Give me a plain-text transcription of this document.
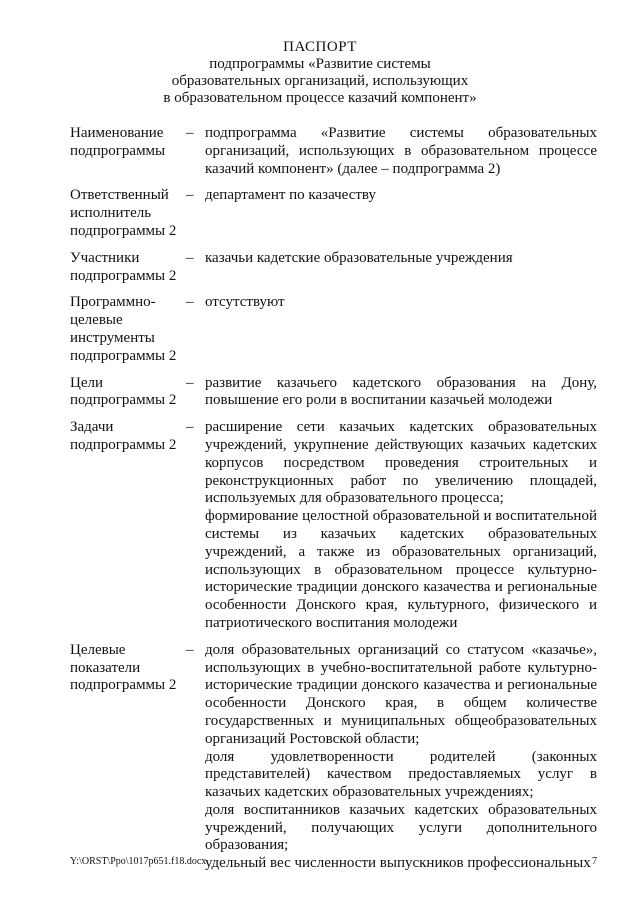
ПАСПОРТ
подпрограммы «Развитие системы
образовательных организаций, использующих
в образовательном процессе казачий компонент»
Наименование
подпрограммы
– подпрограмма «Развитие системы образовательных организаций, использующих в образовательном процессе казачий компонент» (далее – подпрограмма 2)

Ответственный
исполнитель
подпрограммы 2
– департамент по казачеству

Участники
подпрограммы 2
– казачьи кадетские образовательные учреждения

Программно-
целевые
инструменты
подпрограммы 2
– отсутствуют

Цели
подпрограммы 2
– развитие казачьего кадетского образования на Дону, повышение его роли в воспитании казачьей молодежи

Задачи
подпрограммы 2
– расширение сети казачьих кадетских образовательных учреждений, укрупнение действующих казачьих кадетских корпусов посредством проведения строительных и реконструкционных работ по увеличению площадей, используемых для образовательного процесса;

формирование целостной образовательной и воспитательной системы из казачьих кадетских образовательных учреждений, а также из образовательных организаций, использующих в образовательном процессе культурно-исторические традиции донского казачества и региональные особенности Донского края, культурного, физического и патриотического воспитания молодежи

Целевые
показатели
подпрограммы 2
– доля образовательных организаций со статусом «казачье», использующих в учебно-воспитательной работе культурно-исторические традиции донского казачества и региональные особенности Донского края, в общем количестве государственных и муниципальных общеобразовательных организаций Ростовской области;

доля удовлетворенности родителей (законных представителей) качеством предоставляемых услуг в казачьих кадетских образовательных учреждениях;

доля воспитанников казачьих кадетских образовательных учреждений, получающих услуги дополнительного образования;

удельный вес численности выпускников профессиональных

Y:\ORST\Ppo\1017p651.f18.docx	7
